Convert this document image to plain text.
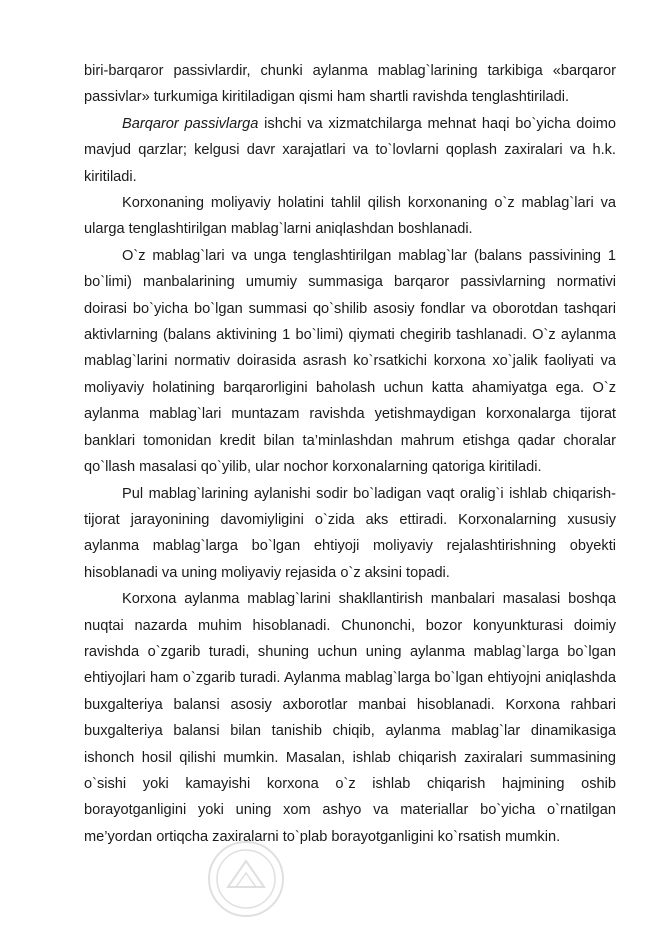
biri-barqaror passivlardir, chunki aylanma mablag`larining tarkibiga «barqaror passivlar» turkumiga kiritiladigan qismi ham shartli ravishda tenglashtiriladi.

Barqaror passivlarga ishchi va xizmatchilarga mehnat haqi bo`yicha doimo mavjud qarzlar; kelgusi davr xarajatlari va to`lovlarni qoplash zaxiralari va h.k. kiritiladi.

Korxonaning moliyaviy holatini tahlil qilish korxonaning o`z mablag`lari va ularga tenglashtirilgan mablag`larni aniqlashdan boshlanadi.

O`z mablag`lari va unga tenglashtirilgan mablag`lar (balans passivining 1 bo`limi) manbalarining umumiy summasiga barqaror passivlarning normativi doirasi bo`yicha bo`lgan summasi qo`shilib asosiy fondlar va oborotdan tashqari aktivlarning (balans aktivining 1 bo`limi) qiymati chegirib tashlanadi. O`z aylanma mablag`larini normativ doirasida asrash ko`rsatkichi korxona xo`jalik faoliyati va moliyaviy holatining barqarorligini baholash uchun katta ahamiyatga ega. O`z aylanma mablag`lari muntazam ravishda yetishmaydigan korxonalarga tijorat banklari tomonidan kredit bilan ta’minlashdan mahrum etishga qadar choralar qo`llash masalasi qo`yilib, ular nochor korxonalarning qatoriga kiritiladi.

Pul mablag`larining aylanishi sodir bo`ladigan vaqt oralig`i ishlab chiqarish-tijorat jarayonining davomiyligini o`zida aks ettiradi. Korxonalarning xususiy aylanma mablag`larga bo`lgan ehtiyoji moliyaviy rejalashtirishning obyekti hisoblanadi va uning moliyaviy rejasida o`z aksini topadi.

Korxona aylanma mablag`larini shakllantirish manbalari masalasi boshqa nuqtai nazarda muhim hisoblanadi. Chunonchi, bozor konyunkturasi doimiy ravishda o`zgarib turadi, shuning uchun uning aylanma mablag`larga bo`lgan ehtiyojlari ham o`zgarib turadi. Aylanma mablag`larga bo`lgan ehtiyojni aniqlashda buxgalteriya balansi asosiy axborotlar manbai hisoblanadi. Korxona rahbari buxgalteriya balansi bilan tanishib chiqib, aylanma mablag`lar dinamikasiga ishonch hosil qilishi mumkin. Masalan, ishlab chiqarish zaxiralari summasining o`sishi yoki kamayishi korxona o`z ishlab chiqarish hajmining oshib borayotganligini yoki uning xom ashyo va materiallar bo`yicha o`rnatilgan me’yordan ortiqcha zaxiralarni to`plab borayotganligini ko`rsatish mumkin.
